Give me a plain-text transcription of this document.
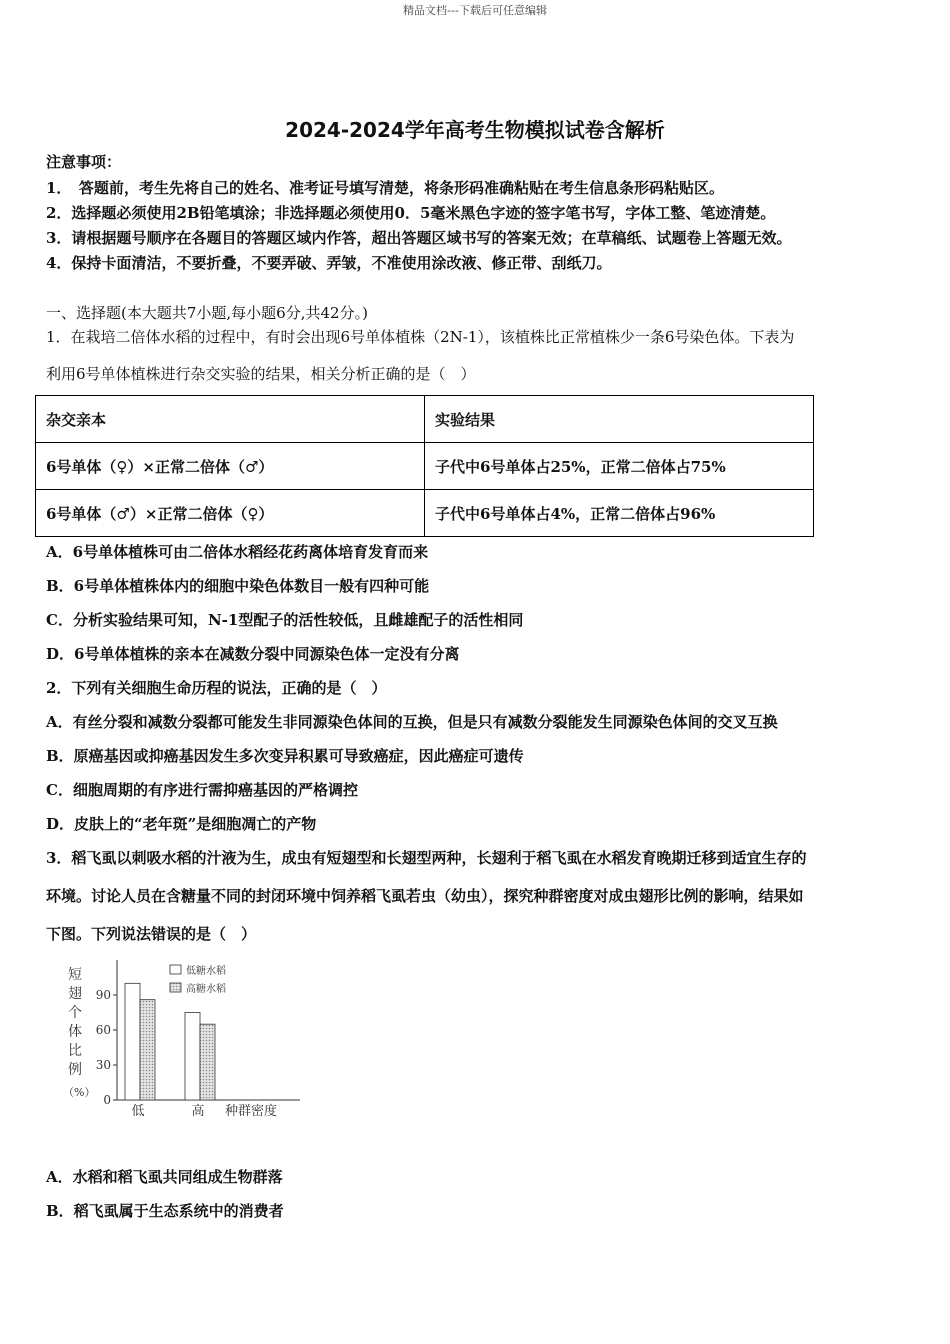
精品文档---下载后可任意编辑
2024-2024学年高考生物模拟试卷含解析
注意事项：
1．　答题前，考生先将自己的姓名、准考证号填写清楚，将条形码准确粘贴在考生信息条形码粘贴区。
2．选择题必须使用2B铅笔填涂；非选择题必须使用0．5毫米黑色字迹的签字笔书写，字体工整、笔迹清楚。
3．请根据题号顺序在各题目的答题区域内作答，超出答题区域书写的答案无效；在草稿纸、试题卷上答题无效。
4．保持卡面清洁，不要折叠，不要弄破、弄皱，不准使用涂改液、修正带、刮纸刀。
一、选择题(本大题共7小题,每小题6分,共42分。)
1．在栽培二倍体水稻的过程中，有时会出现6号单体植株（2N-1），该植株比正常植株少一条6号染色体。下表为
利用6号单体植株进行杂交实验的结果，相关分析正确的是（　）
杂交亲本	实验结果
6号单体（♀）×正常二倍体（♂）	子代中6号单体占25%，正常二倍体占75%
6号单体（♂）×正常二倍体（♀）	子代中6号单体占4%，正常二倍体占96%
A．6号单体植株可由二倍体水稻经花药离体培育发育而来
B．6号单体植株体内的细胞中染色体数目一般有四种可能
C．分析实验结果可知，N-1型配子的活性较低，且雌雄配子的活性相同
D．6号单体植株的亲本在减数分裂中同源染色体一定没有分离
2．下列有关细胞生命历程的说法，正确的是（　）
A．有丝分裂和减数分裂都可能发生非同源染色体间的互换，但是只有减数分裂能发生同源染色体间的交叉互换
B．原癌基因或抑癌基因发生多次变异积累可导致癌症，因此癌症可遗传
C．细胞周期的有序进行需抑癌基因的严格调控
D．皮肤上的“老年斑”是细胞凋亡的产物
3．稻飞虱以刺吸水稻的汁液为生，成虫有短翅型和长翅型两种，长翅利于稻飞虱在水稻发育晚期迁移到适宜生存的
环境。讨论人员在含糖量不同的封闭环境中饲养稻飞虱若虫（幼虫），探究种群密度对成虫翅形比例的影响，结果如
下图。下列说法错误的是（　）
短
翅
个
体
比
例
（%）
0
30
60
90
低	高 种群密度
低糖水稻
高糖水稻
A．水稻和稻飞虱共同组成生物群落
B．稻飞虱属于生态系统中的消费者
